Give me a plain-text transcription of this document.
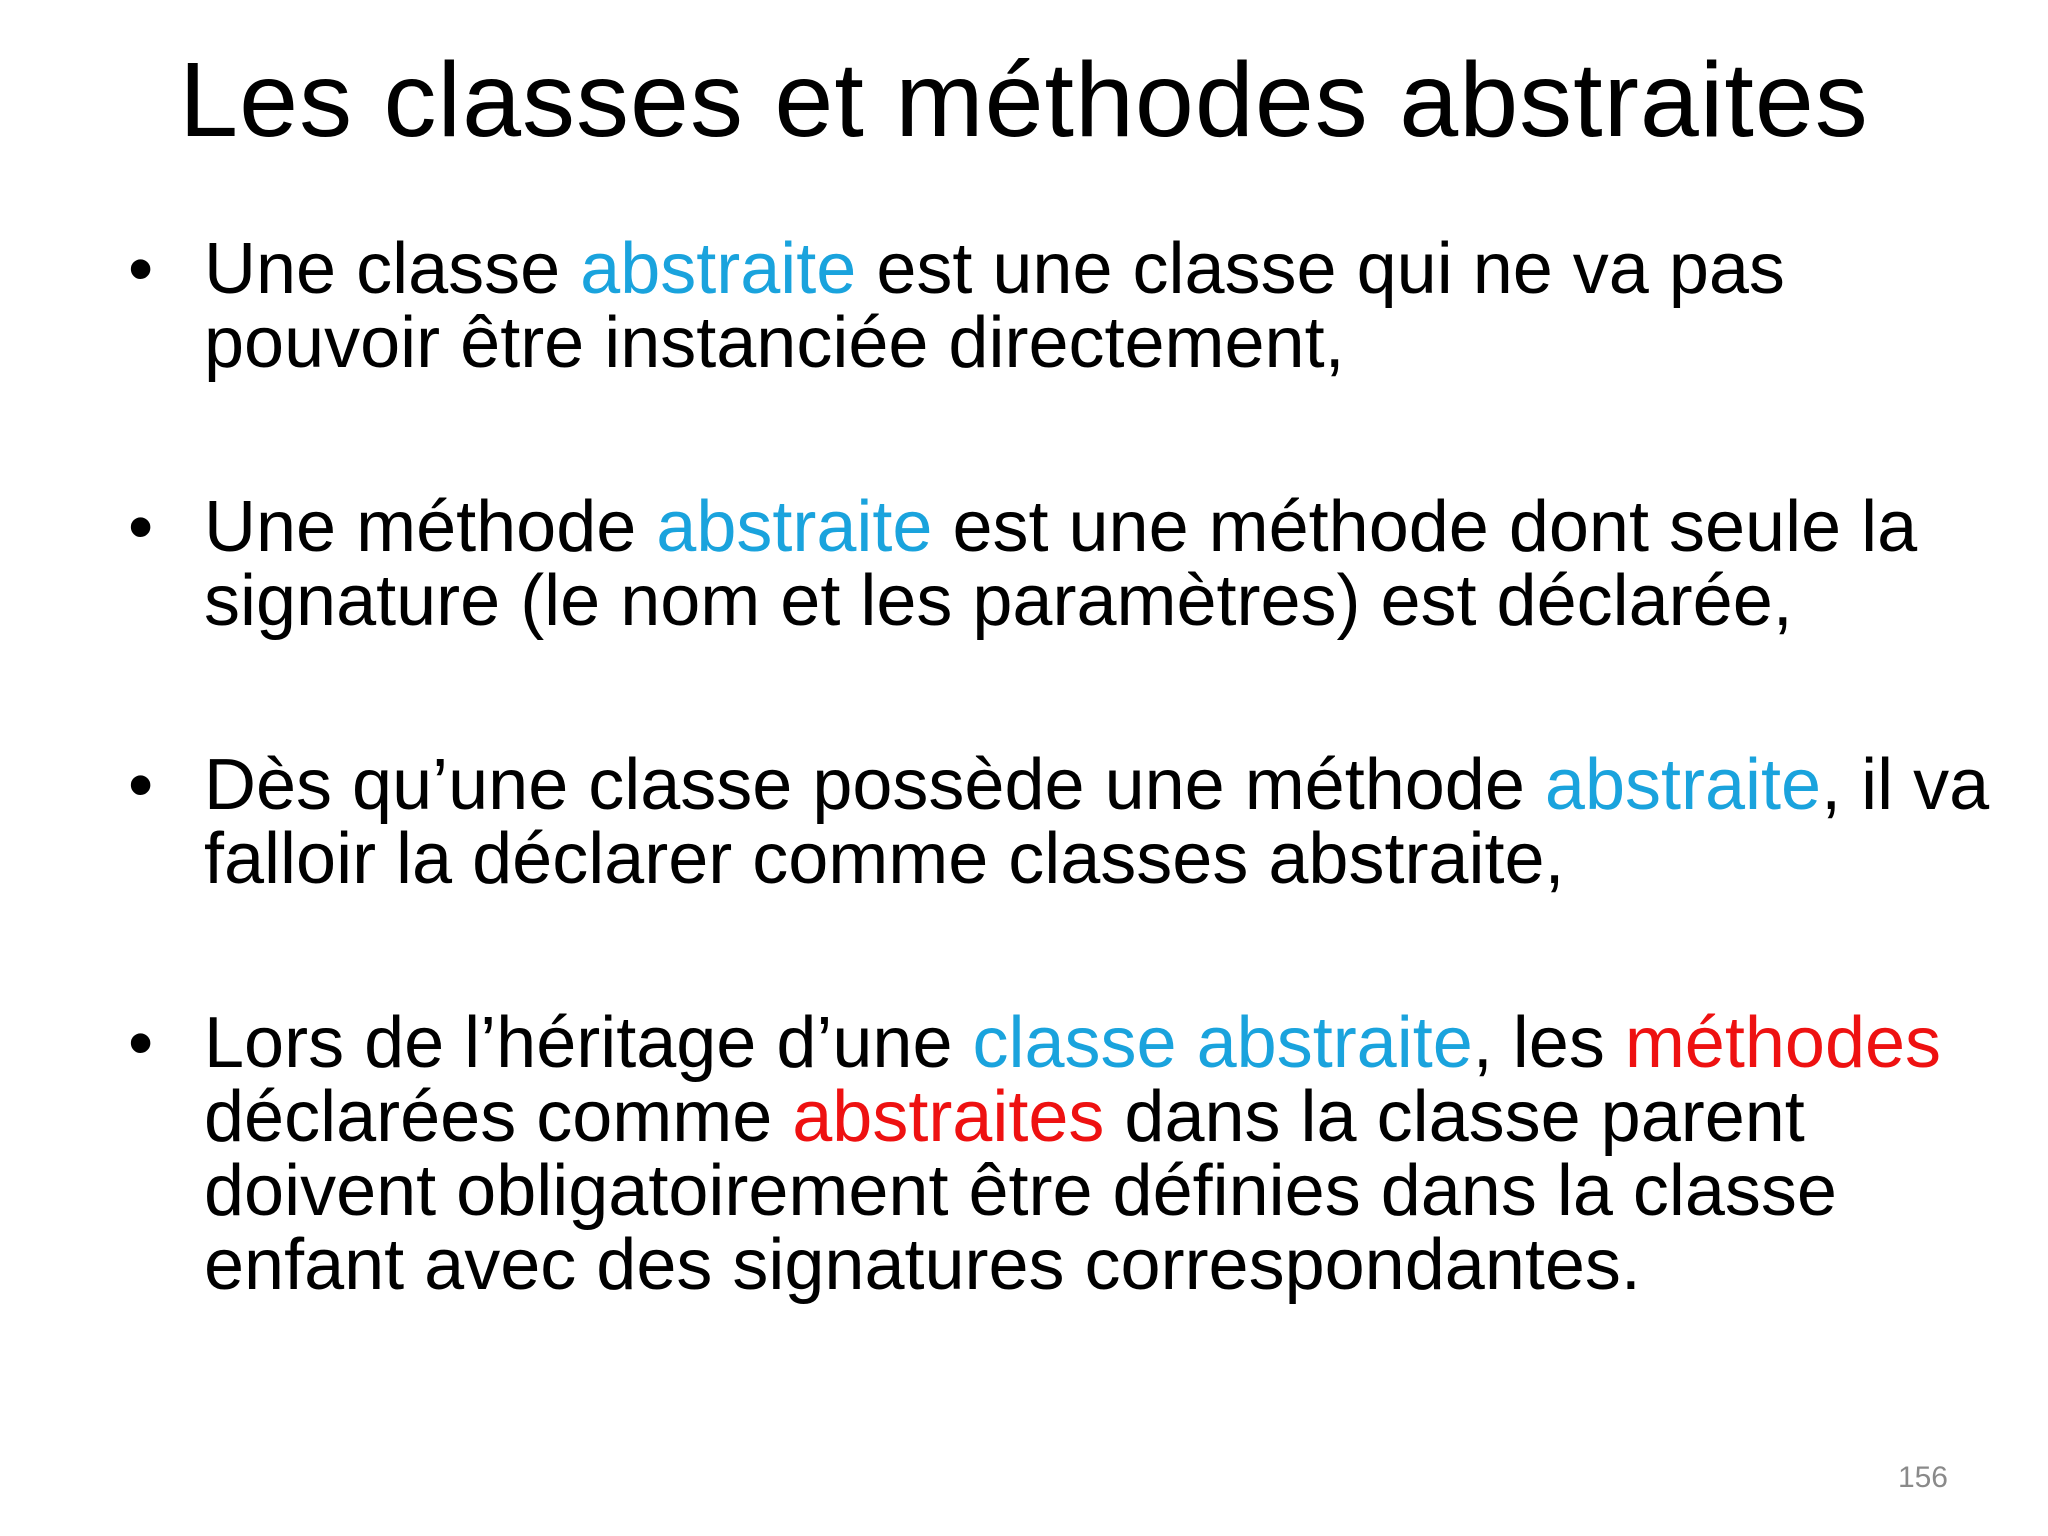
Les classes et méthodes abstraites
• Une classe abstraite est une classe qui ne va pas
pouvoir être instanciée directement,
• Une méthode abstraite est une méthode dont seule la
signature (le nom et les paramètres) est déclarée,
• Dès qu’une classe possède une méthode abstraite, il va
falloir la déclarer comme classes abstraite,
• Lors de l’héritage d’une classe abstraite, les méthodes
déclarées comme abstraites dans la classe parent
doivent obligatoirement être définies dans la classe
enfant avec des signatures correspondantes.
156
